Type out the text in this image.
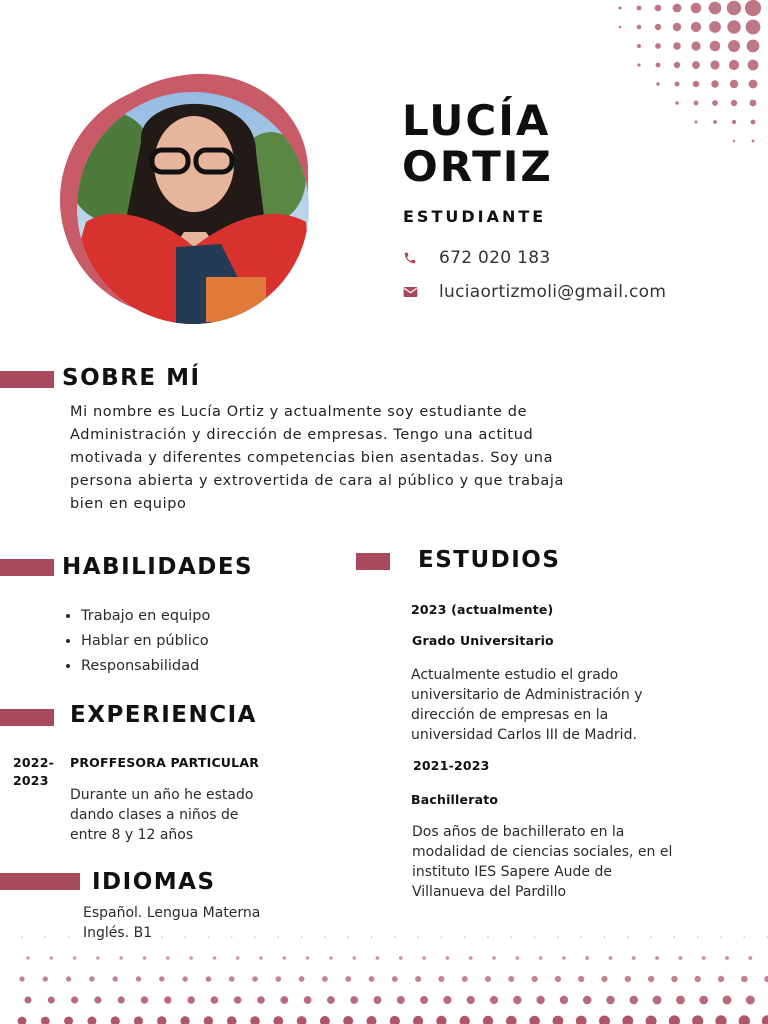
LUCÍA
ORTIZ
ESTUDIANTE
672 020 183
luciaortizmoli@gmail.com
SOBRE MÍ
Mi nombre es Lucía Ortiz y actualmente soy estudiante de
Administración y dirección de empresas. Tengo una actitud
motivada y diferentes competencias bien asentadas. Soy una
persona abierta y extrovertida de cara al público y que trabaja
bien en equipo
HABILIDADES
• Trabajo en equipo
• Hablar en público
• Responsabilidad
EXPERIENCIA
2022-
2023
PROFFESORA PARTICULAR
Durante un año he estado
dando clases a niños de
entre 8 y 12 años
IDIOMAS
Español. Lengua Materna
Inglés. B1
ESTUDIOS
2023 (actualmente)
Grado Universitario
Actualmente estudio el grado
universitario de Administración y
dirección de empresas en la
universidad Carlos III de Madrid.
2021-2023
Bachillerato
Dos años de bachillerato en la
modalidad de ciencias sociales, en el
instituto IES Sapere Aude de
Villanueva del Pardillo
